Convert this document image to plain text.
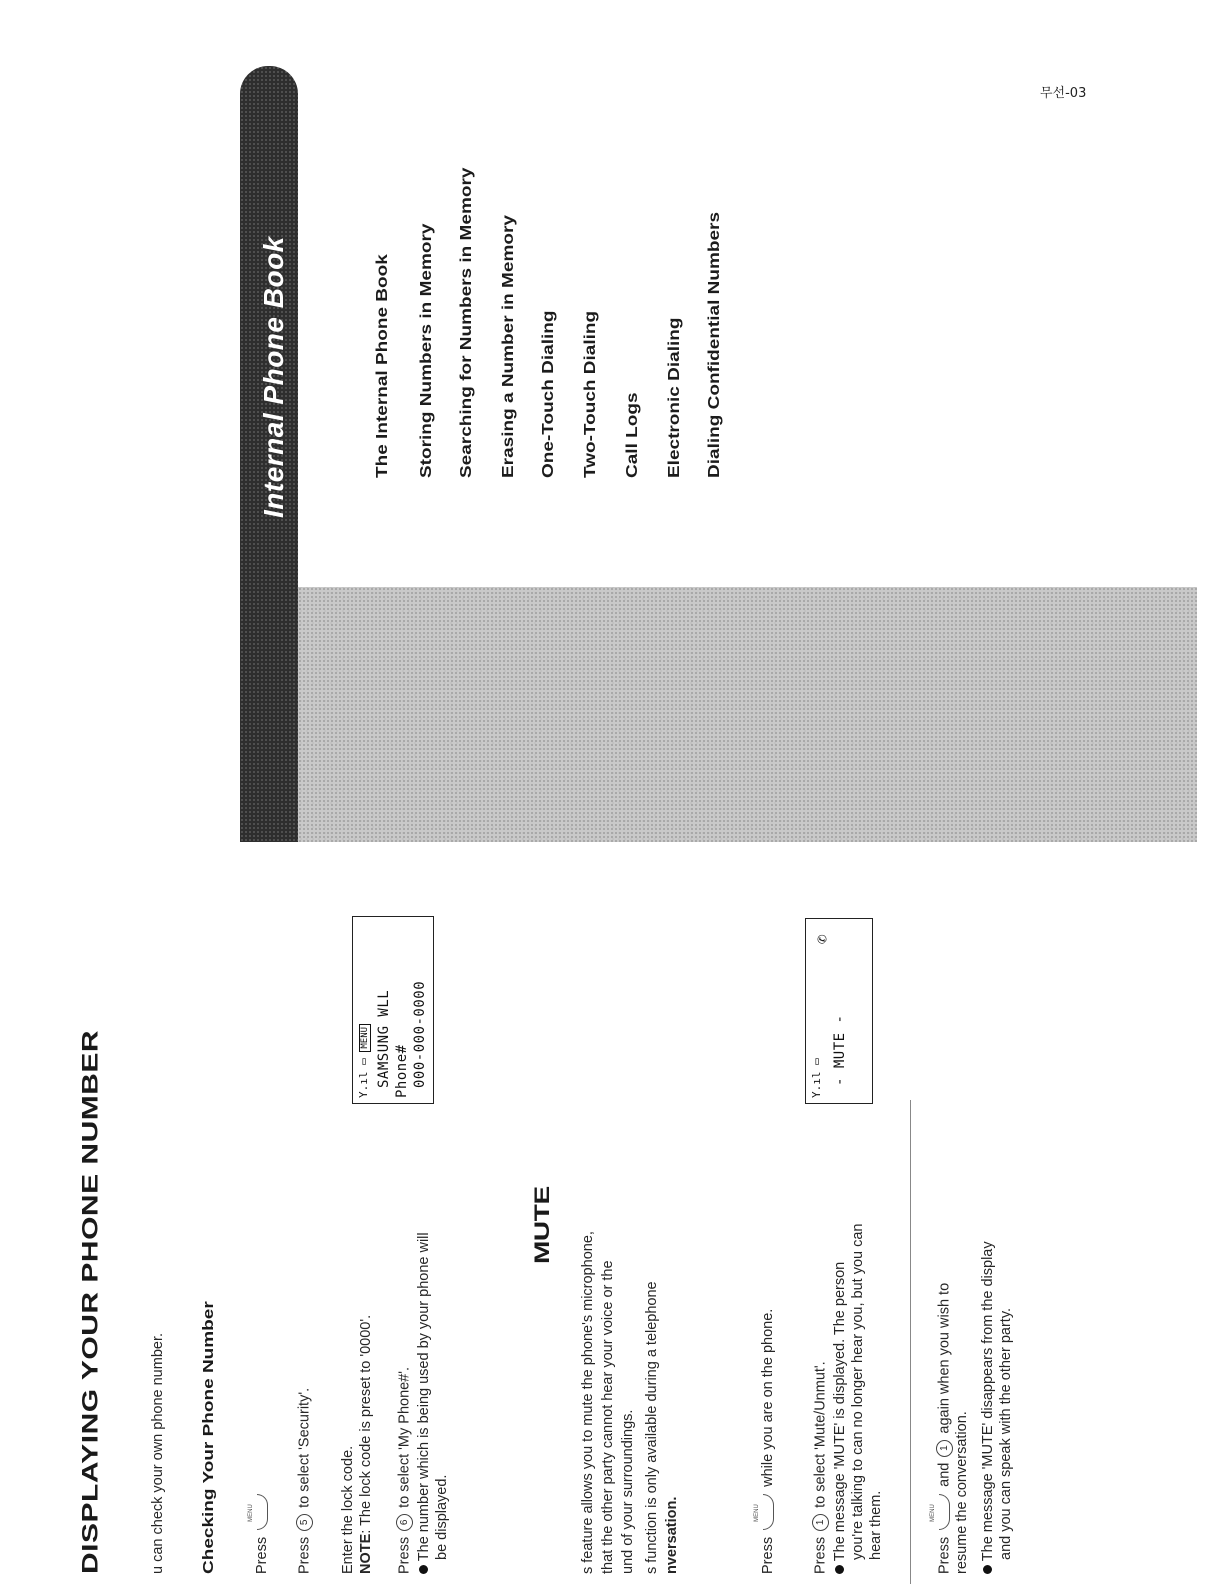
DISPLAYING YOUR PHONE NUMBER	u can check your own phone number. Checking Your Phone Number	Press MENU Press 5 to select 'Security'. Enter the lock code. NOTE: The lock code is preset to '0000'.
Press 6 to select 'My Phone#'. The number which is being used by your phone will be displayed.
Y.ıl ▭ MENU SAMSUNG WLL Phone# 000-000-0000
MUTE
s feature allows you to mute the phone's microphone, that the other party cannot hear your voice or the und of your surroundings. s function is only available during a telephone nversation.	Press MENU while you are on the phone.
Press 1 to select 'Mute/Unmut'. The message 'MUTE' is displayed. The person you're talking to can no longer hear you, but you can hear them.	Press MENU and 1 again when you wish to
resume the conversation. The message 'MUTE' disappears from the display and you can speak with the other party.
Y.ıl ▭ - MUTE -
✆
Internal Phone Book	The Internal Phone Book Storing Numbers in Memory Searching for Numbers in Memory Erasing a Number in Memory One-Touch Dialing Two-Touch Dialing Call Logs Electronic Dialing Dialing Confidential Numbers
무선-03
